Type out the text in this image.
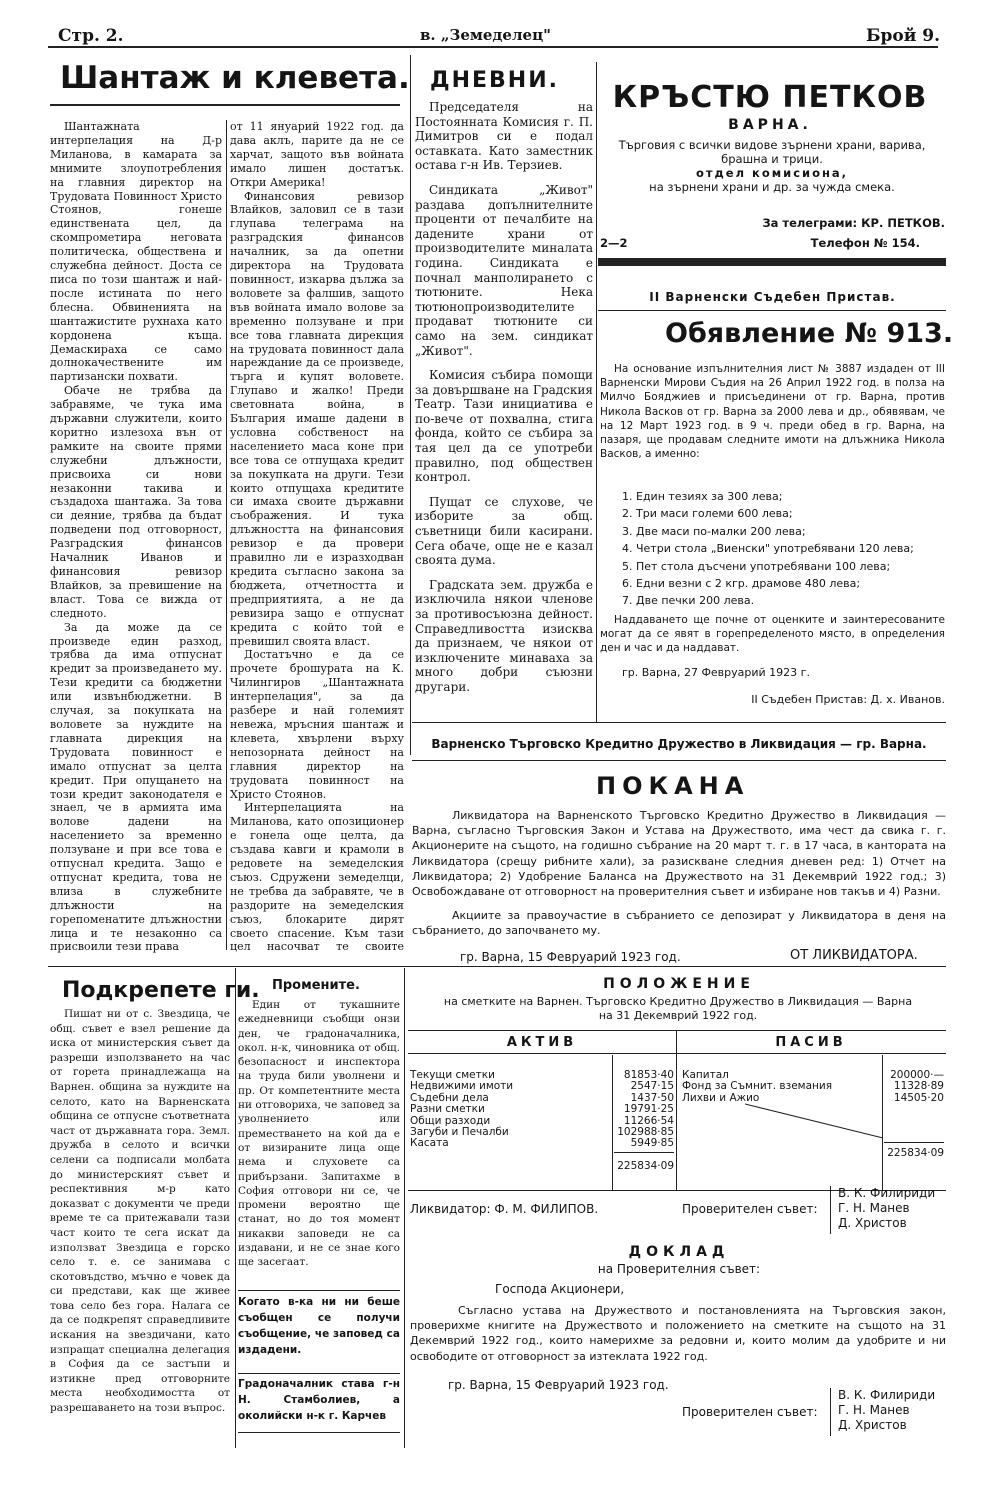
Стр. 2.	в. „Земеделец"	Брой 9.
Шантаж и клевета.

Шантажната интерпелация на Д-р Миланова, в камарата за мнимите злоупотребления на главния директор на Трудовата Повинност Христо Стоянов, гонеше единствената цел, да скомпрометира неговата политическа, обществена и служебна дейност. Доста се писа по този шантаж и най-после истината по него блесна. Обвиненията на шантажистите рухнаха като кордонена къща. Демаскираха се само долнокачествените им партизански похвати.

Обаче не трябва да забравяме, че тука има държавни служители, които коритно излезоха вън от рамките на своите прями служебни длъжности, присвоиха си нови незаконни такива и създадоха шантажа. За това си деяние, трябва да бъдат подведени под отговорност, Разградския финансов Началник Иванов и финансовия ревизор Влайков, за превишение на власт. Това се вижда от следното.

За да може да се произведе един разход, трябва да има отпуснат кредит за произведането му. Тези кредити са бюджетни или извънбюджетни. В случая, за покупката на воловете за нуждите на главната дирекция на Трудовата повинност е имало отпуснат за целта кредит. При опущането на този кредит законодателя е знаел, че в армията има волове дадени на населението за временно ползуване и при все това е отпуснал кредита. Защо е отпуснат кредита, това не влиза в служебните длъжности на горепоменатите длъжностни лица и те незаконно са присвоили тези права

от 11 януарий 1922 год. да дава аклъ, парите да не се харчат, защото във войната имало лишен достатък. Откри Америка!

Финансовия ревизор Влайков, заловил се в тази глупава телеграма на разградския финансов началник, за да опетни директора на Трудовата повинност, изкарва дължа за воловете за фалшив, защото във войната имало волове за временно ползуване и при все това главната дирекция на трудовата повинност дала нареждание да се произведе, търга и купят воловете. Глупаво и жалко! Преди световната война, в България имаше дадени в условна собственост на населението маса коне при все това се отпущаха кредит за покупката на други. Тези които отпущаха кредитите си имаха своите държавни съображения. И тука длъжността на финансовия ревизор е да провери правилно ли е изразходван кредита съгласно закона за бюджета, отчетността и предприятията, а не да ревизира защо е отпуснат кредита с който той е превишил своята власт.

Достатъчно е да се прочете брошурата на К. Чилингиров „Шантажната интерпелация", за да разбере и най големият невежа, мръсния шантаж и клевета, хвърлени върху непозорната дейност на главния директор на трудовата повинност на Христо Стоянов.

Интерпелацията на Миланова, като опозиционер е гонела още целта, да създава кавги и крамоли в редовете на земеделския съюз. Сдружени земеделци, не требва да забравяте, че в раздорите на земеделския съюз, блокарите дирят своето спасение. Към тази цел насочват те своите

ДНЕВНИ.

Председателя на Постоянната Комисия г. П. Димитров си е подал оставката. Като заместник остава г-н Ив. Терзиев.

Синдиката „Живот" раздава допълнителните проценти от печалбите на дадените храни от производителите миналата година. Синдиката е почнал манполирането с тютюните. Нека тютюнопроизводителите продават тютюните си само на зем. синдикат „Живот".

Комисия събира помощи за довършване на Градския Театр. Тази инициатива е по-вече от похвална, стига фонда, който се събира за тая цел да се употреби правилно, под обществен контрол.

Пущат се слухове, че изборите за общ. съветници били касирани. Сега обаче, още не е казал своята дума.

Градската зем. дружба е изключила някои членове за противосъюзна дейност. Справедливостта изисква да признаем, че някои от изключените минаваха за много добри съюзни другари.

КРЪСТЮ ПЕТКОВ
ВАРНА.
Търговия с всички видове зърнени храни, варива, брашна и трици.
отдел комисиона,
на зърнени храни и др. за чужда смека.
За телеграми: КР. ПЕТКОВ.
2—2	Телефон № 154.
II Варненски Съдебен Пристав.
Обявление № 913.

На основание изпълнителния лист № 3887 издаден от III Варненски Мирови Съдия на 26 Април 1922 год. в полза на Милчо Бояджиев и присъединени от гр. Варна, против Никола Васков от гр. Варна за 2000 лева и др., обявявам, че на 12 Март 1923 год. в 9 ч. преди обед в гр. Варна, на пазаря, ще продавам следните имоти на длъжника Никола Васков, а именно:

1. Един тезиях за 300 лева;
2. Три маси големи 600 лева;
3. Две маси по-малки 200 лева;
4. Четри стола „Виенски" употребявани 120 лева;
5. Пет стола дъсчени употребявани 100 лева;
6. Едни везни с 2 кгр. драмове 480 лева;
7. Две печки 200 лева.

Наддаването ще почне от оценките и заинтересованите могат да се явят в горепределеното място, в определения ден и час и да наддават.

гр. Варна, 27 Февруарий 1923 г.
II Съдебен Пристав: Д. х. Иванов.
Варненско Търговско Кредитно Дружество в Ликвидация — гр. Варна.
ПОКАНА

Ликвидатора на Варненското Търговско Кредитно Дружество в Ликвидация — Варна, съгласно Търговския Закон и Устава на Дружеството, има чест да свика г. г. Акционерите на същото, на годишно събрание на 20 март т. г. в 17 часа, в кантората на Ликвидатора (срещу рибните хали), за разискване следния дневен ред: 1) Отчет на Ликвидатора; 2) Удобрение Баланса на Дружеството на 31 Декемврий 1922 год.; 3) Освобождаване от отговорност на проверителния съвет и избиране нов такъв и 4) Разни.

Акциите за правоучастие в събранието се депозират у Ликвидатора в деня на събранието, до започването му.

гр. Варна, 15 Февруарий 1923 год.	ОТ ЛИКВИДАТОРА.
ПОЛОЖЕНИЕ
на сметките на Варнен. Търговско Кредитно Дружество в Ликвидация — Варна
на 31 Декемврий 1922 год.
АКТИВ	ПАСИВ
Текущи сметки	81853·40
Недвижими имоти	2547·15
Съдебни дела	1437·50
Разни сметки	19791·25
Общи разходи	11266·54
Загуби и Печалби	102988·85
Касата	5949·85
225834·09
Капитал	200000·—
Фонд за Съмнит. вземания	11328·89
Лихви и Ажио	14505·20
225834·09
Ликвидатор: Ф. М. ФИЛИПОВ.	Проверителен съвет:
В. К. Филириди
Г. Н. Манев
Д. Христов
ДОКЛАД
на Проверителния съвет:
Господа Акционери,

Съгласно устава на Дружеството и постановленията на Търговския закон, проверихме книгите на Дружеството и положението на сметките на същото на 31 Декемврий 1922 год., които намерихме за редовни и, които молим да удобрите и ни освободите от отговорност за изтеклата 1922 год.

гр. Варна, 15 Февруарий 1923 год.
Проверителен съвет:
В. К. Филириди
Г. Н. Манев
Д. Христов
Подкрепете ги.

Пишат ни от с. Звездица, че общ. съвет е взел решение да иска от министерския съвет да разреши използването на час от горета принадлежаща на Варнен. община за нуждите на селото, като на Варненската община се отпусне съответната част от държавната гора. Земл. дружба в селото и всички селени са подписали молбата до министерският съвет и респективния м-р като доказват с документи че преди време те са притежавали тази част които те сега искат да използват Звездица е горско село т. е. се занимава с скотовъдство, мъчно е човек да си представи, как ще живее това село без гора. Налага се да се подкрепят справедливите искания на звездичани, като изпращат специална делегация в София да се застъпи и изтикне пред отговорните места необходимостта от разрешаването на този въпрос.

Промените.

Един от тукашните ежедневници съобщи онзи ден, че градоначалника, окол. н-к, чиновника от общ. безопасност и инспектора на труда били уволнени и пр. От компетентните места ни отговориха, че заповед за уволнението или преместването на кой да е от визираните лица още нема и слуховете са прибързани. Запитахме в София отговори ни се, че промени вероятно ще станат, но до тоя момент никакви заповеди не са издавани, и не се знае кого ще засегаат.

Когато в-ка ни ни беше съобщен се получи съобщение, че заповед са издадени.

Градоначалник става г-н Н. Стамболиев, а околийски н-к г. Карчев
